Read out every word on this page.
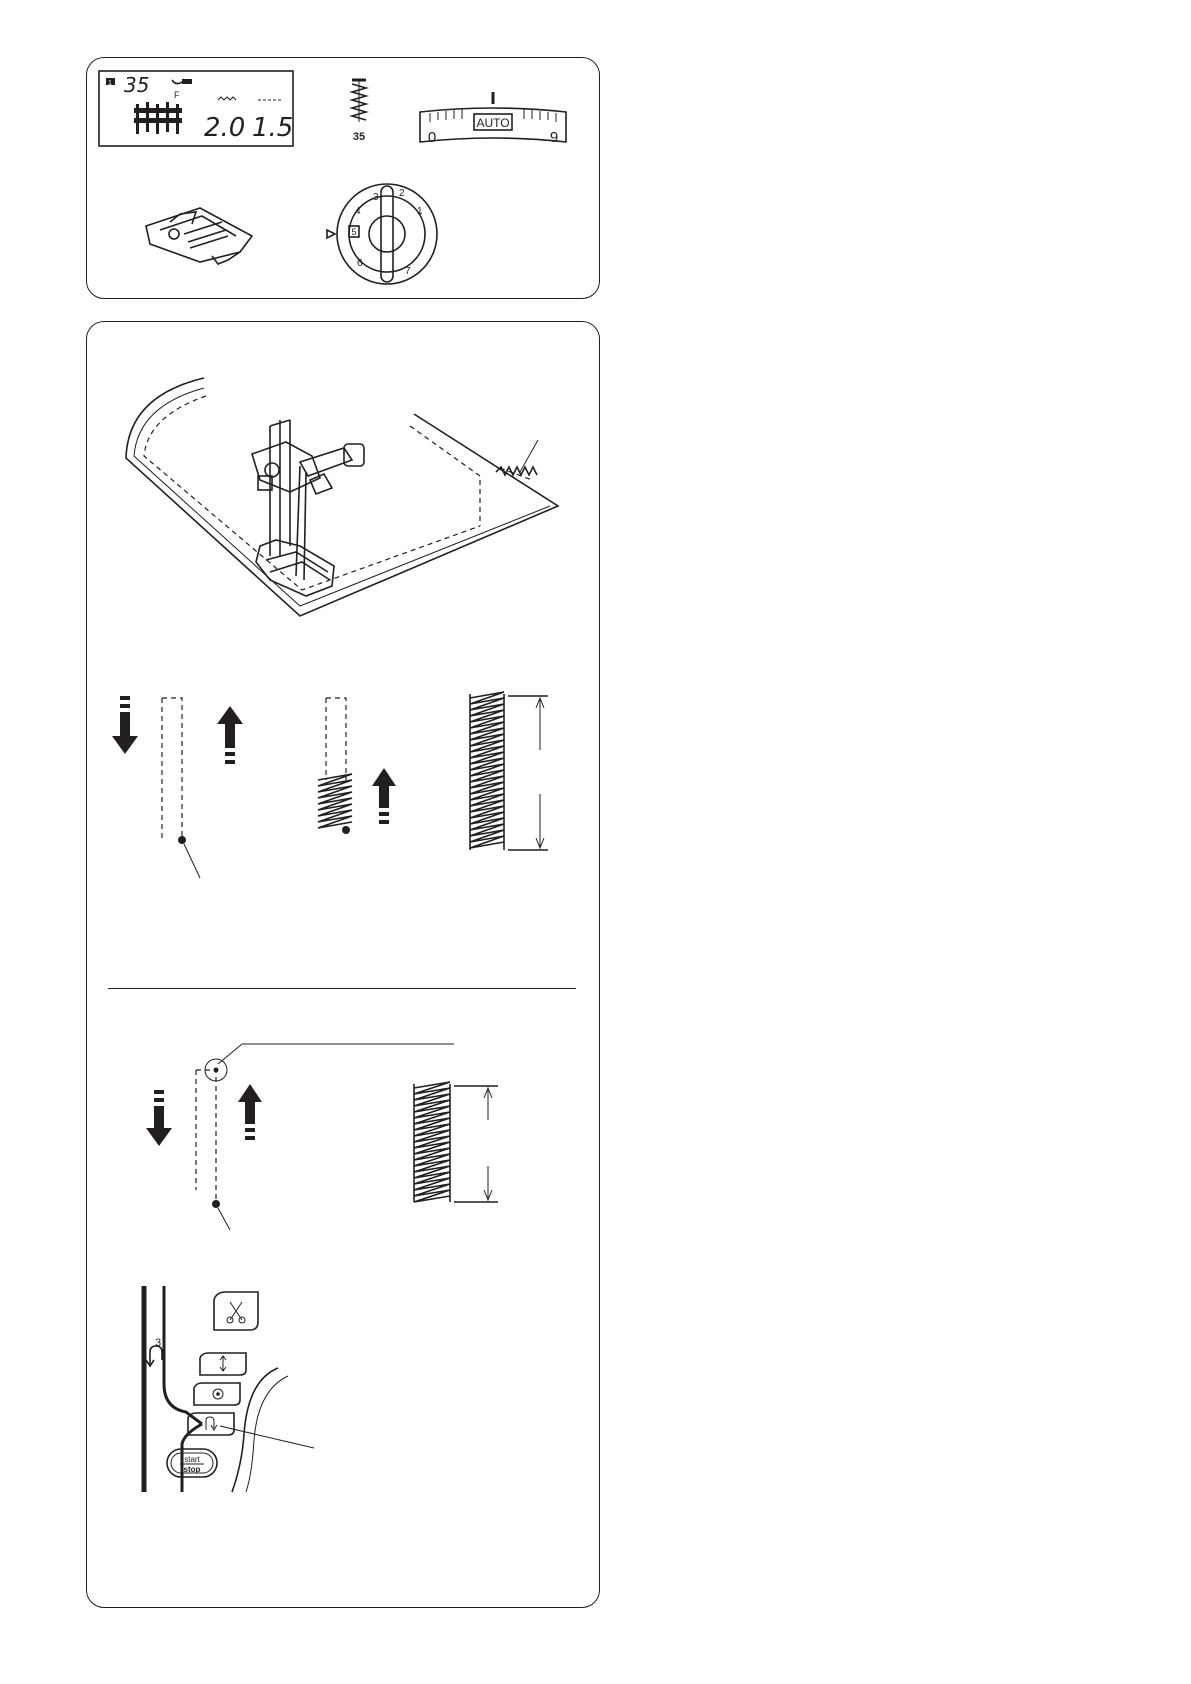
1 35	F
2.0 1.5	35
AUTO
0	9
3 2
1
4
5
6
7
3
start
stop
